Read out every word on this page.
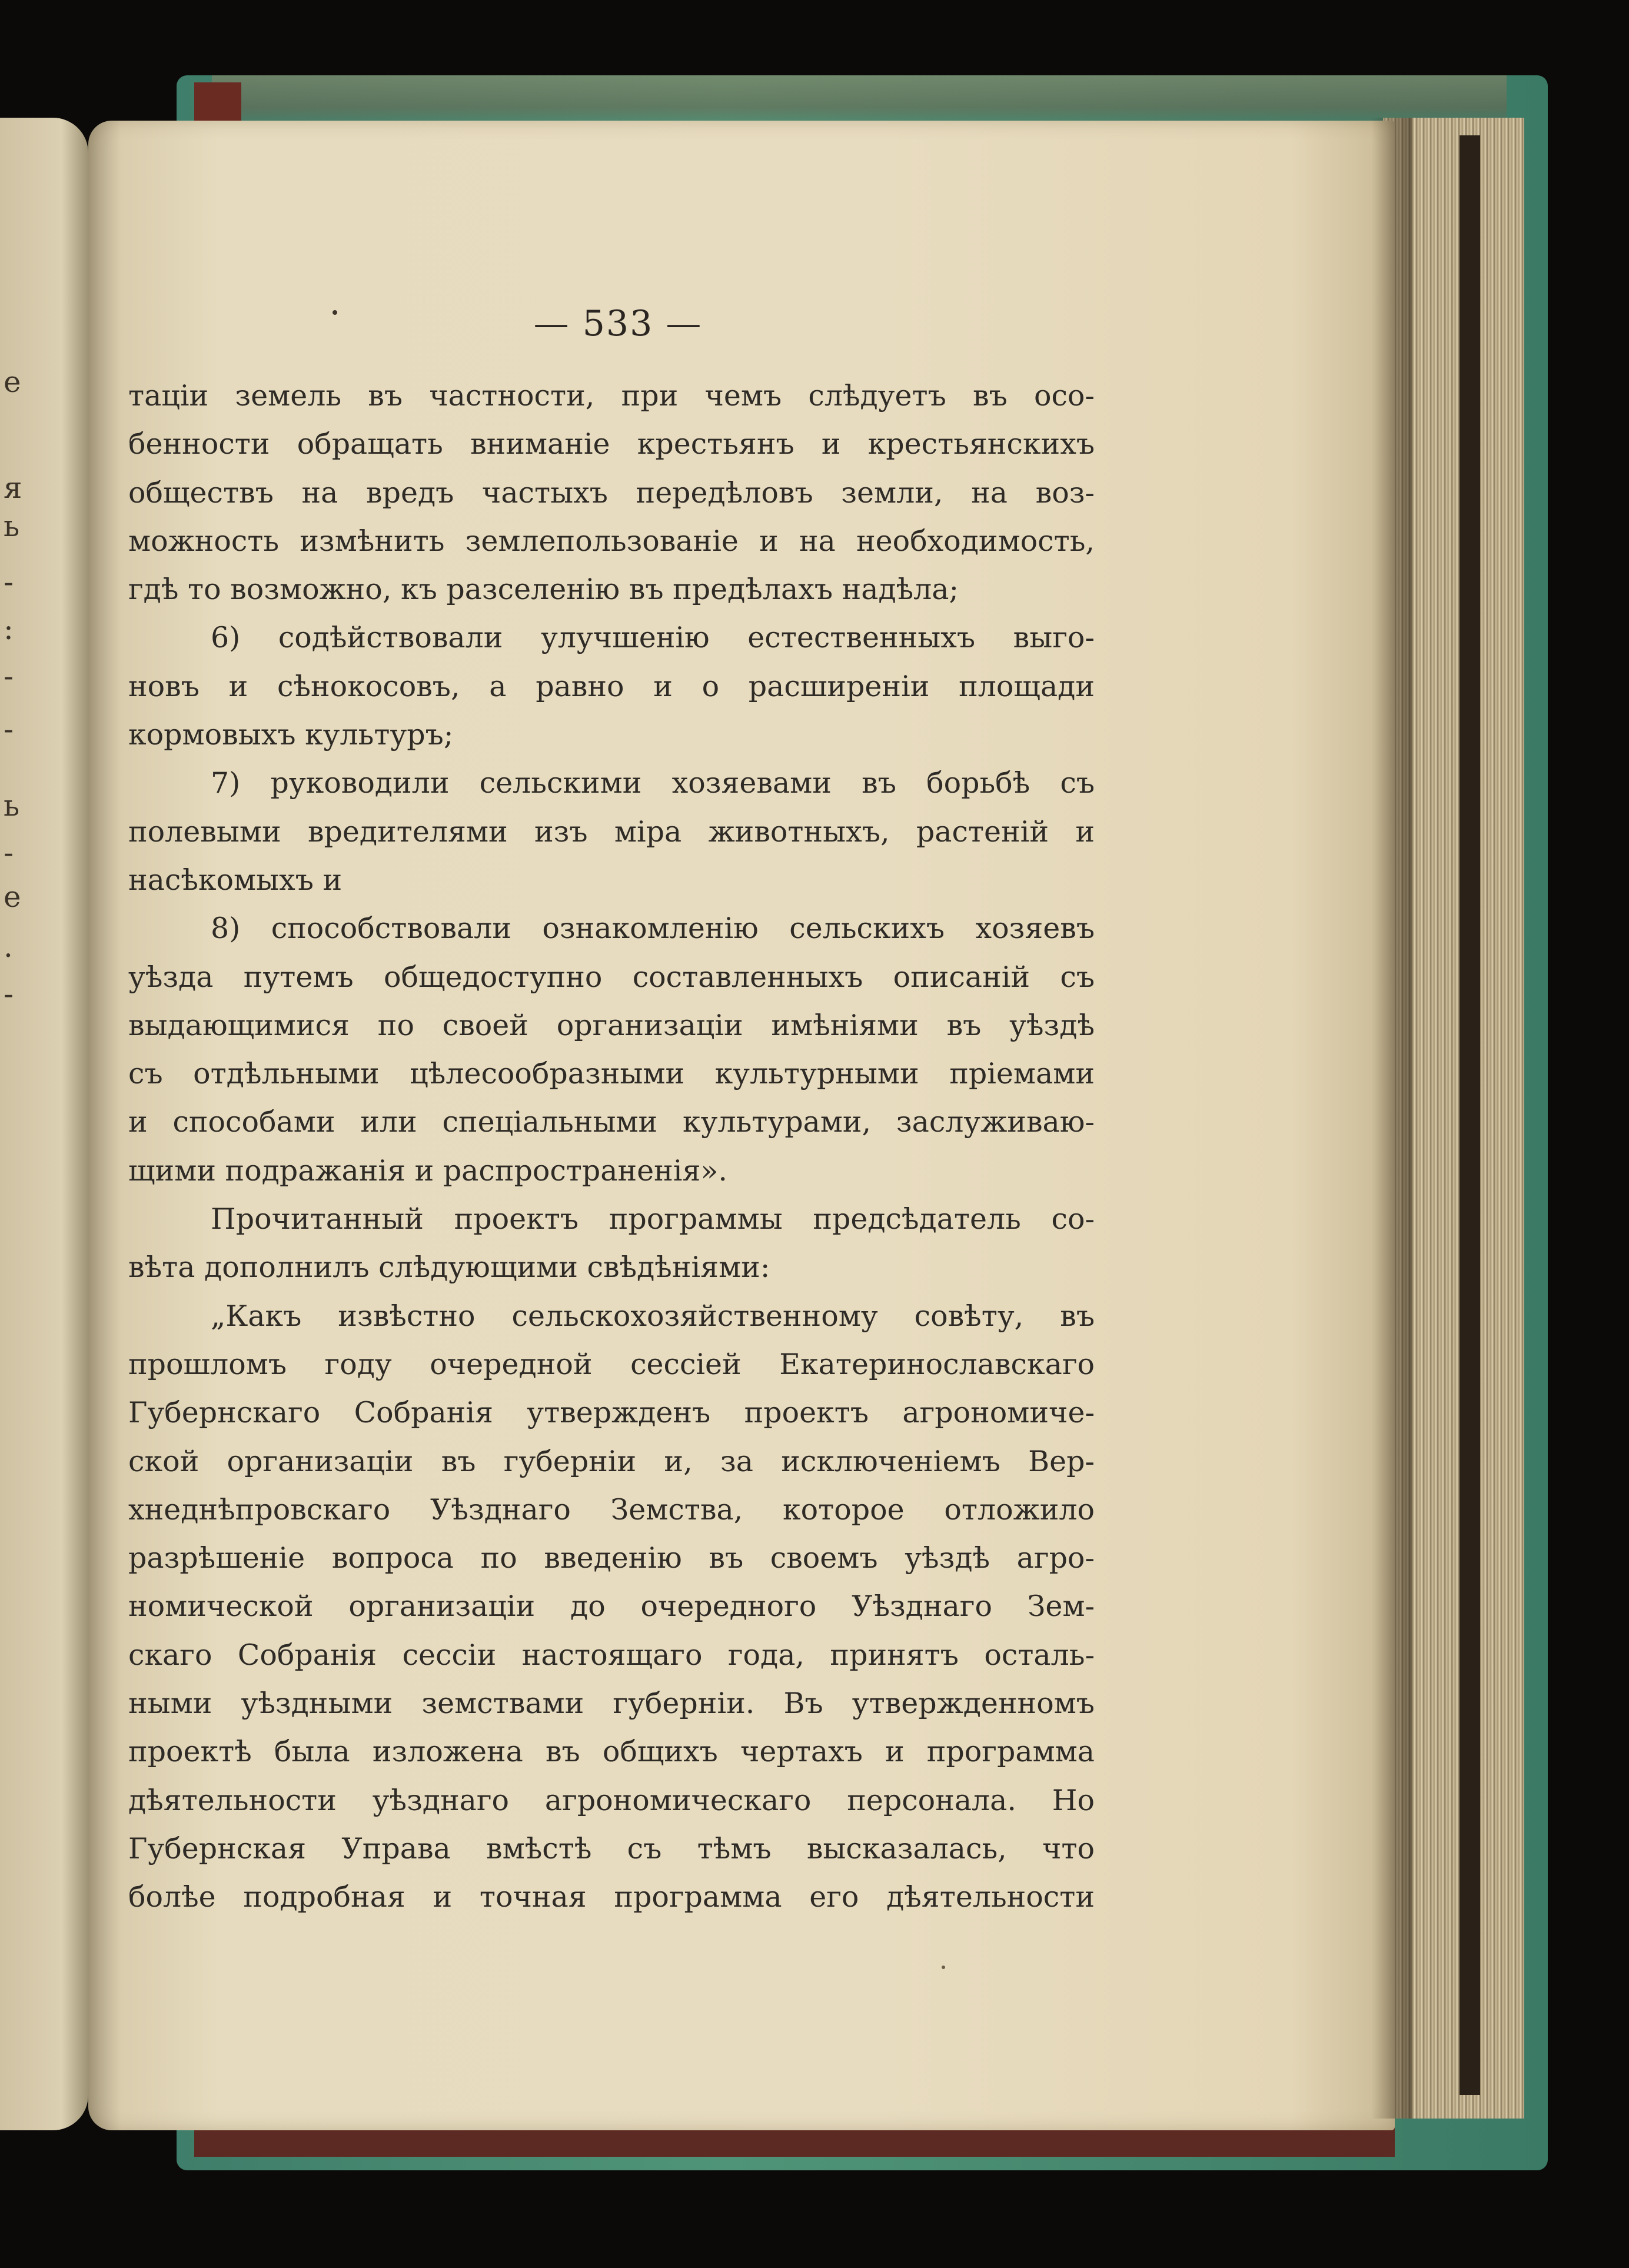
е
я
ь
-
:
-
-
ь
-
е
.
-
— 533 —
таціи земель въ частности, при чемъ слѣдуетъ въ осо-
бенности обращать вниманіе крестьянъ и крестьянскихъ
обществъ на вредъ частыхъ передѣловъ земли, на воз-
можность измѣнить землепользованіе и на необходимость,
гдѣ то возможно, къ разселенію въ предѣлахъ надѣла;
6) содѣйствовали улучшенію естественныхъ выго-
новъ и сѣнокосовъ, а равно и о расширеніи площади
кормовыхъ культуръ;
7) руководили сельскими хозяевами въ борьбѣ съ
полевыми вредителями изъ міра животныхъ, растеній и
насѣкомыхъ и
8) способствовали ознакомленію сельскихъ хозяевъ
уѣзда путемъ общедоступно составленныхъ описаній съ
выдающимися по своей организаціи имѣніями въ уѣздѣ
съ отдѣльными цѣлесообразными культурными пріемами
и способами или спеціальными культурами, заслуживаю-
щими подражанія и распространенія».
Прочитанный проектъ программы предсѣдатель со-
вѣта дополнилъ слѣдующими свѣдѣніями:
„Какъ извѣстно сельскохозяйственному совѣту, въ
прошломъ году очередной сессіей Екатеринославскаго
Губернскаго Собранія утвержденъ проектъ агрономиче-
ской организаціи въ губерніи и, за исключеніемъ Вер-
хнеднѣпровскаго Уѣзднаго Земства, которое отложило
разрѣшеніе вопроса по введенію въ своемъ уѣздѣ агро-
номической организаціи до очередного Уѣзднаго Зем-
скаго Собранія сессіи настоящаго года, принятъ осталь-
ными уѣздными земствами губерніи. Въ утвержденномъ
проектѣ была изложена въ общихъ чертахъ и программа
дѣятельности уѣзднаго агрономическаго персонала. Но
Губернская Управа вмѣстѣ съ тѣмъ высказалась, что
болѣе подробная и точная программа его дѣятельности
